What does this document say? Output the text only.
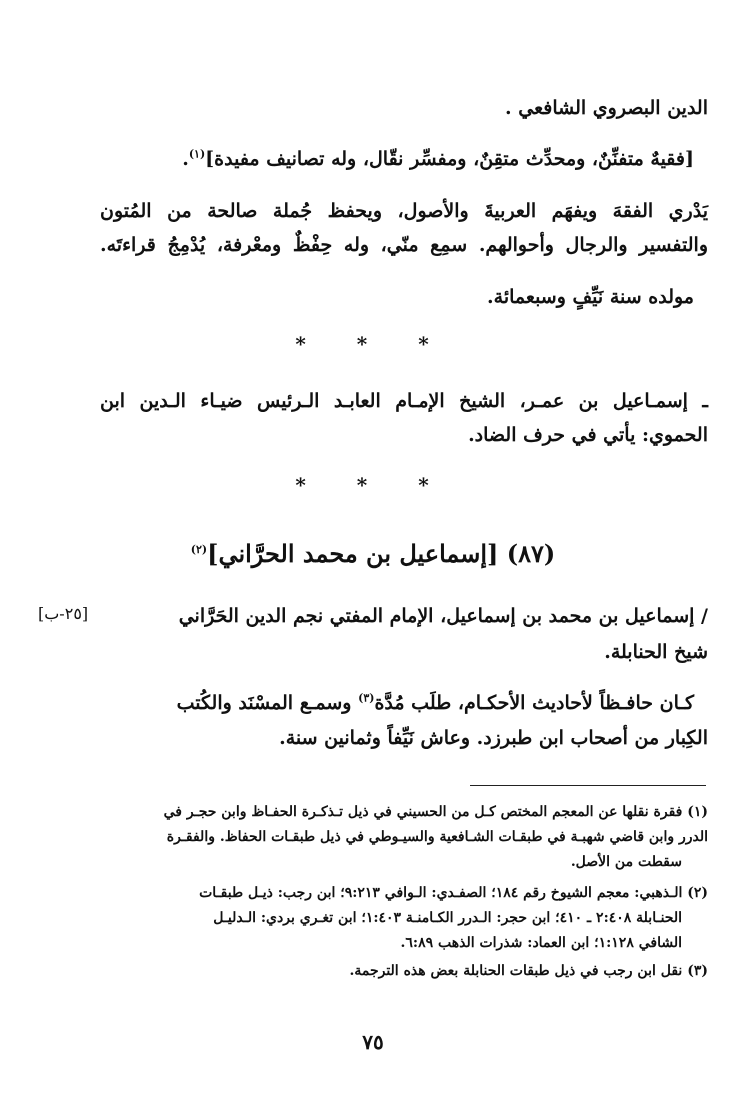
الدين البصروي الشافعي .
[فقيهٌ متفنِّنٌ، ومحدِّث متقِنٌ، ومفسِّر نقّال، وله تصانيف مفيدة]$^{(١)}$.
يَدْري الفقهَ ويفهَم العربيةَ والأصول، ويحفظ جُملة صالحة من المُتون
والتفسير والرجال وأحوالهم. سمِع منّي، وله حِفْظٌ ومعْرفة، يُدْمِجُ قراءتَه.
مولده سنة نَيِّفٍ وسبعمائة.
* * *
ـ إسمـاعيل بن عمـر، الشيخ الإمـام العابـد الـرئيس ضيـاء الـدين ابن
الحموي: يأتي في حرف الضاد.
* * *
(٨٧) [إسماعيل بن محمد الحرَّاني]$^{(٢)}$
/ إسماعيل بن محمد بن إسماعيل، الإمام المفتي نجم الدين الحَرَّاني
[٢٥-ب]
شيخ الحنابلة.
كـان حافـظاً لأحاديث الأحكـام، طلَب مُدَّة$^{(٣)}$ وسمـع المسْنَد والكُتب
الكِبار من أصحاب ابن طبرزد. وعاش نَيِّفاً وثمانين سنة.
(١) فقرة نقلها عن المعجم المختص كـل من الحسيني في ذيل تـذكـرة الحفـاظ وابن حجـر في
الدرر وابن قاضي شهبـة في طبقـات الشـافعية والسيـوطي في ذيل طبقـات الحفاظ. والفقـرة
سقطت من الأصل.
(٢) الـذهبي: معجم الشيوخ رقم ١٨٤؛ الصفـدي: الـوافي ٩:٢١٣؛ ابن رجب: ذيـل طبقـات
الحنـابلة ٢:٤٠٨ ـ ٤١٠؛ ابن حجر: الـدرر الكـامنـة ١:٤٠٣؛ ابن تغـري بردي: الـدليـل
الشافي ١:١٢٨؛ ابن العماد: شذرات الذهب ٦:٨٩.
(٣) نقل ابن رجب في ذيل طبقات الحنابلة بعض هذه الترجمة.
٧٥
